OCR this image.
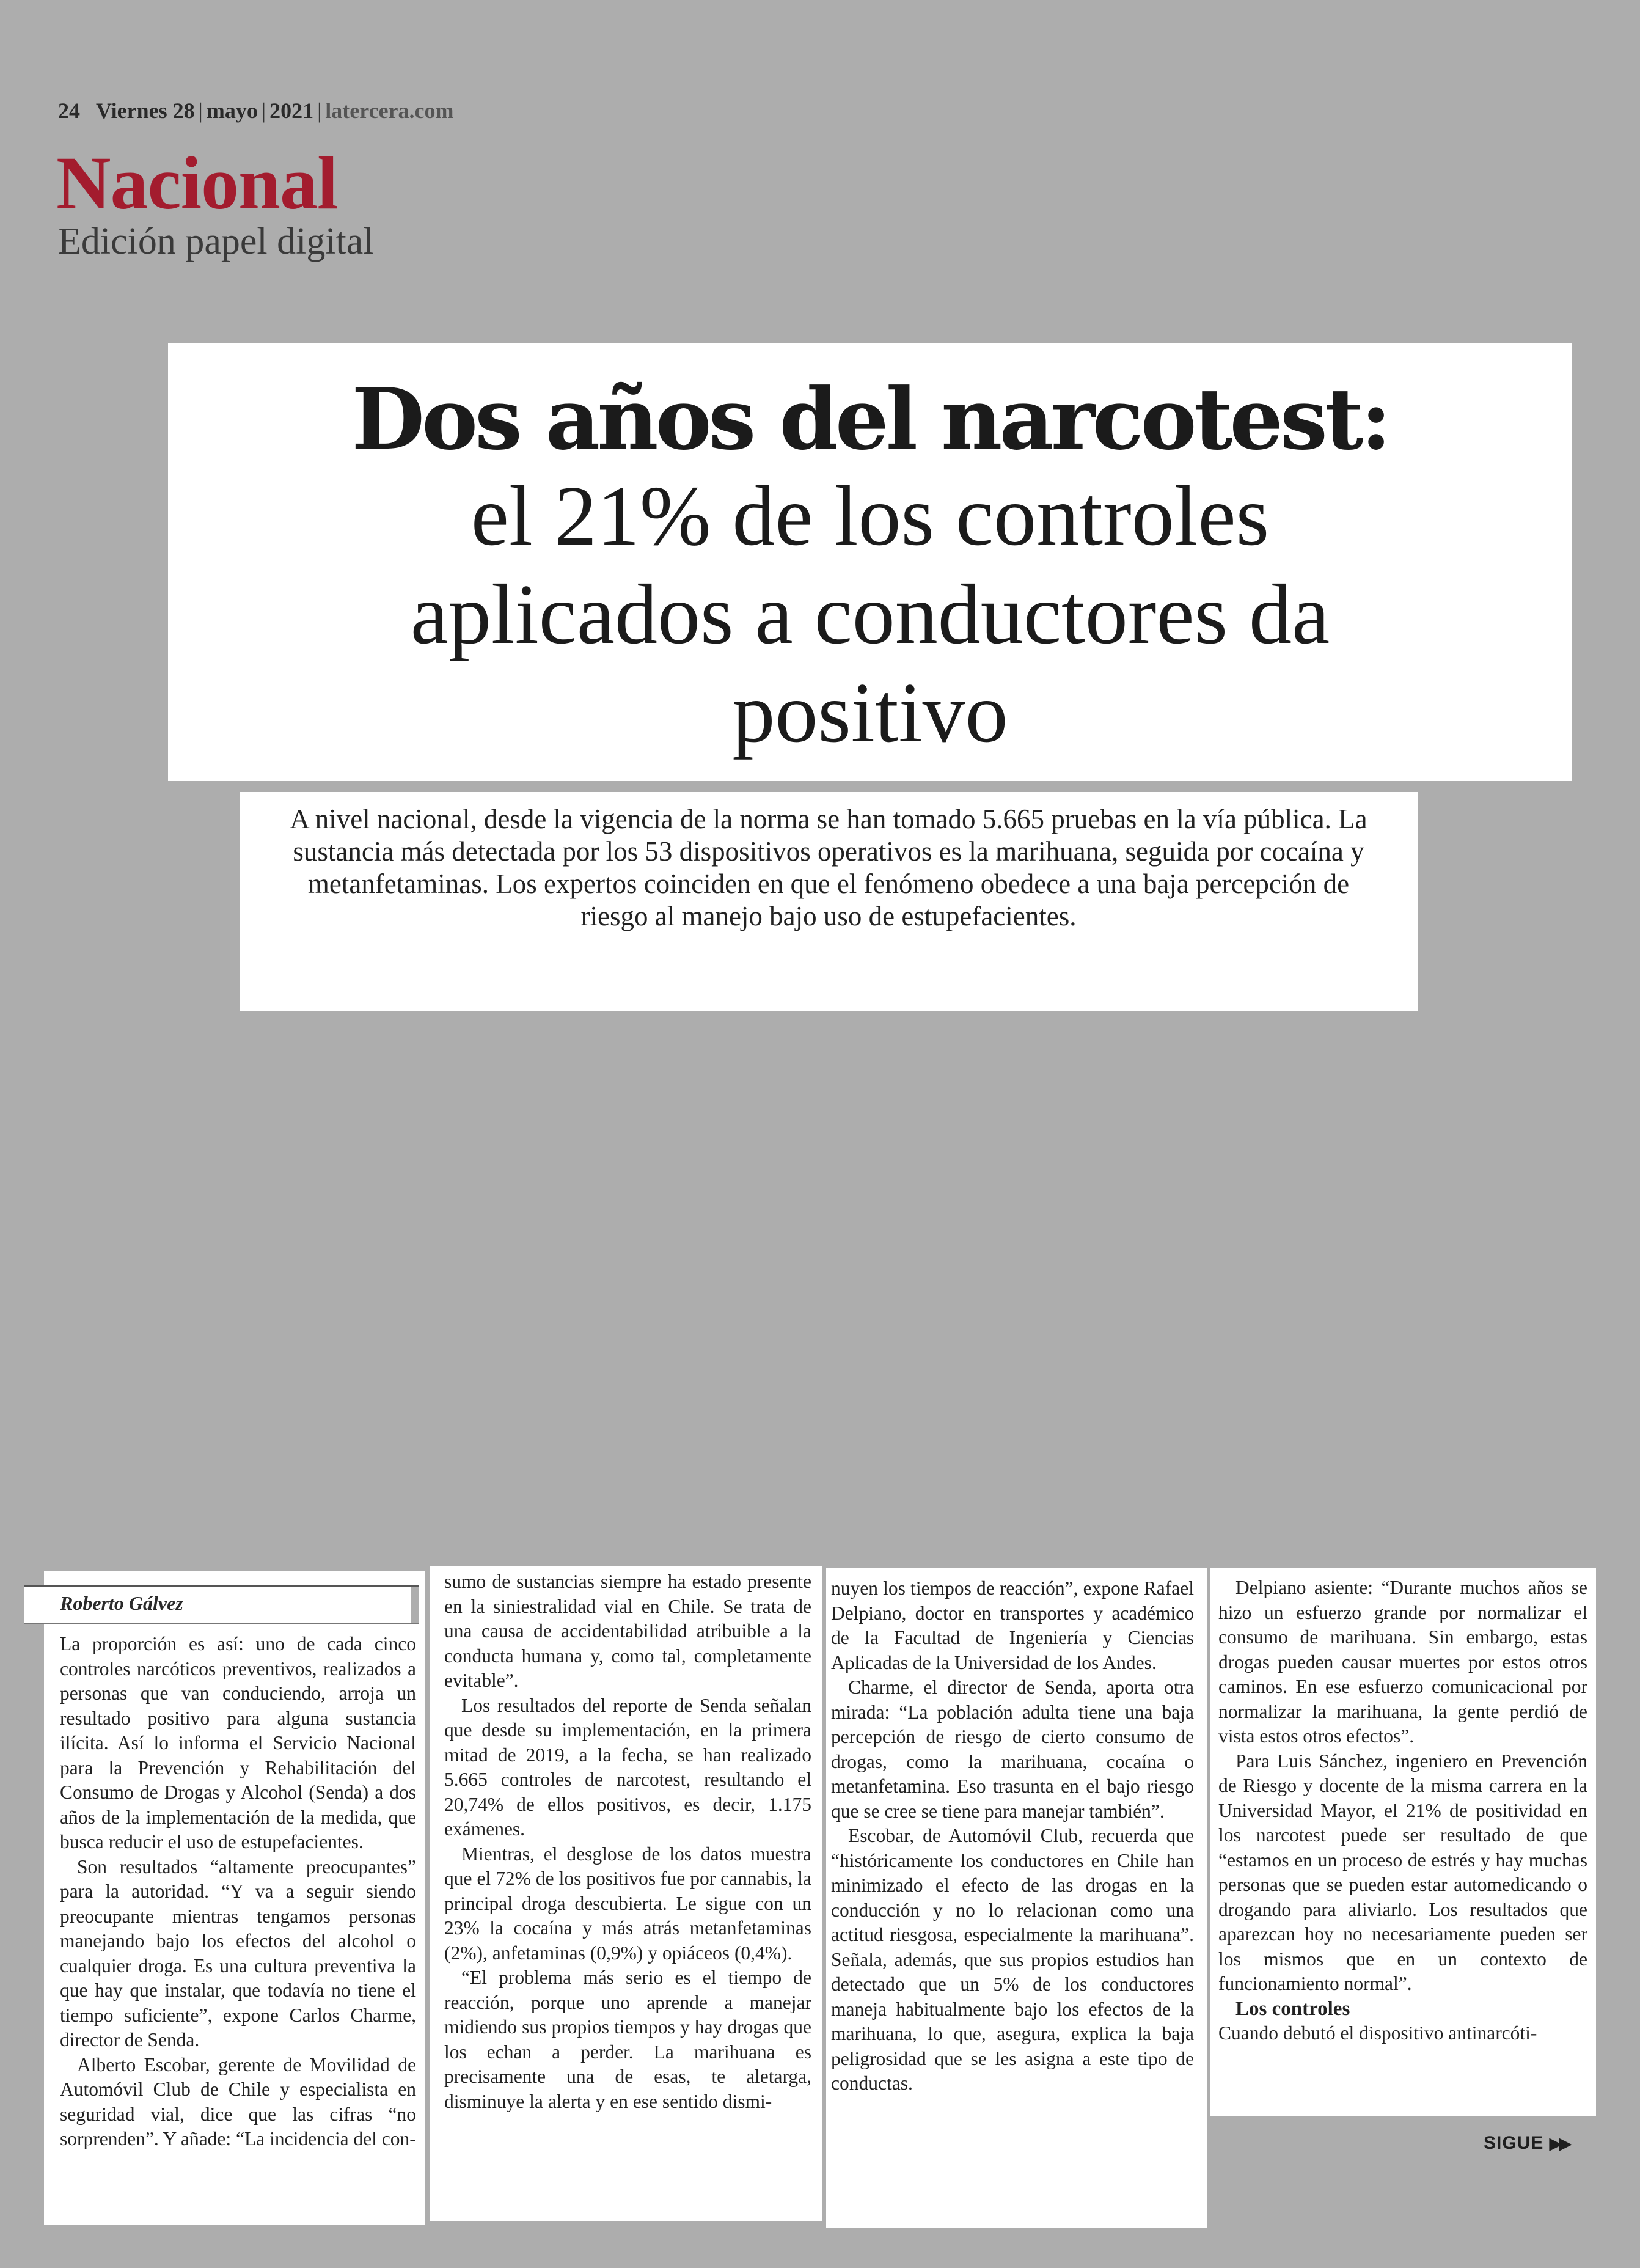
24 Viernes 28 | mayo | 2021 | latercera.com
Nacional
Edición papel digital
Dos años del narcotest:
el 21% de los controles
aplicados a conductores da
positivo
A nivel nacional, desde la vigencia de la norma se han tomado 5.665 pruebas en la vía pública. La sustancia más detectada por los 53 dispositivos operativos es la marihuana, seguida por cocaína y metanfetaminas. Los expertos coinciden en que el fenómeno obedece a una baja percepción de riesgo al manejo bajo uso de estupefacientes.

La proporción es así: uno de cada cinco controles narcóticos preventivos, realizados a personas que van conduciendo, arroja un resultado positivo para alguna sustancia ilícita. Así lo informa el Servicio Nacional para la Prevención y Rehabilitación del Consumo de Drogas y Alcohol (Senda) a dos años de la implementación de la medida, que busca reducir el uso de estupefacientes.

Son resultados “altamente preocupantes” para la autoridad. “Y va a seguir siendo preocupante mientras tengamos personas manejando bajo los efectos del alcohol o cualquier droga. Es una cultura preventiva la que hay que instalar, que todavía no tiene el tiempo suficiente”, expone Carlos Charme, director de Senda.

Alberto Escobar, gerente de Movilidad de Automóvil Club de Chile y especialista en seguridad vial, dice que las cifras “no sorprenden”. Y añade: “La incidencia del con-

Roberto Gálvez

sumo de sustancias siempre ha estado presente en la siniestralidad vial en Chile. Se trata de una causa de accidentabilidad atribuible a la conducta humana y, como tal, completamente evitable”.

Los resultados del reporte de Senda señalan que desde su implementación, en la primera mitad de 2019, a la fecha, se han realizado 5.665 controles de narcotest, resultando el 20,74% de ellos positivos, es decir, 1.175 exámenes.

Mientras, el desglose de los datos muestra que el 72% de los positivos fue por cannabis, la principal droga descubierta. Le sigue con un 23% la cocaína y más atrás metanfetaminas (2%), anfetaminas (0,9%) y opiáceos (0,4%).

“El problema más serio es el tiempo de reacción, porque uno aprende a manejar midiendo sus propios tiempos y hay drogas que los echan a perder. La marihuana es precisamente una de esas, te aletarga, disminuye la alerta y en ese sentido dismi-

nuyen los tiempos de reacción”, expone Rafael Delpiano, doctor en transportes y académico de la Facultad de Ingeniería y Ciencias Aplicadas de la Universidad de los Andes.

Charme, el director de Senda, aporta otra mirada: “La población adulta tiene una baja percepción de riesgo de cierto consumo de drogas, como la marihuana, cocaína o metanfetamina. Eso trasunta en el bajo riesgo que se cree se tiene para manejar también”.

Escobar, de Automóvil Club, recuerda que “históricamente los conductores en Chile han minimizado el efecto de las drogas en la conducción y no lo relacionan como una actitud riesgosa, especialmente la marihuana”. Señala, además, que sus propios estudios han detectado que un 5% de los conductores maneja habitualmente bajo los efectos de la marihuana, lo que, asegura, explica la baja peligrosidad que se les asigna a este tipo de conductas.

Delpiano asiente: “Durante muchos años se hizo un esfuerzo grande por normalizar el consumo de marihuana. Sin embargo, estas drogas pueden causar muertes por estos otros caminos. En ese esfuerzo comunicacional por normalizar la marihuana, la gente perdió de vista estos otros efectos”.

Para Luis Sánchez, ingeniero en Prevención de Riesgo y docente de la misma carrera en la Universidad Mayor, el 21% de positividad en los narcotest puede ser resultado de que “estamos en un proceso de estrés y hay muchas personas que se pueden estar automedicando o drogando para aliviarlo. Los resultados que aparezcan hoy no necesariamente pueden ser los mismos que en un contexto de funcionamiento normal”.

Los controles

Cuando debutó el dispositivo antinarcóti-

SIGUE ▶▶
